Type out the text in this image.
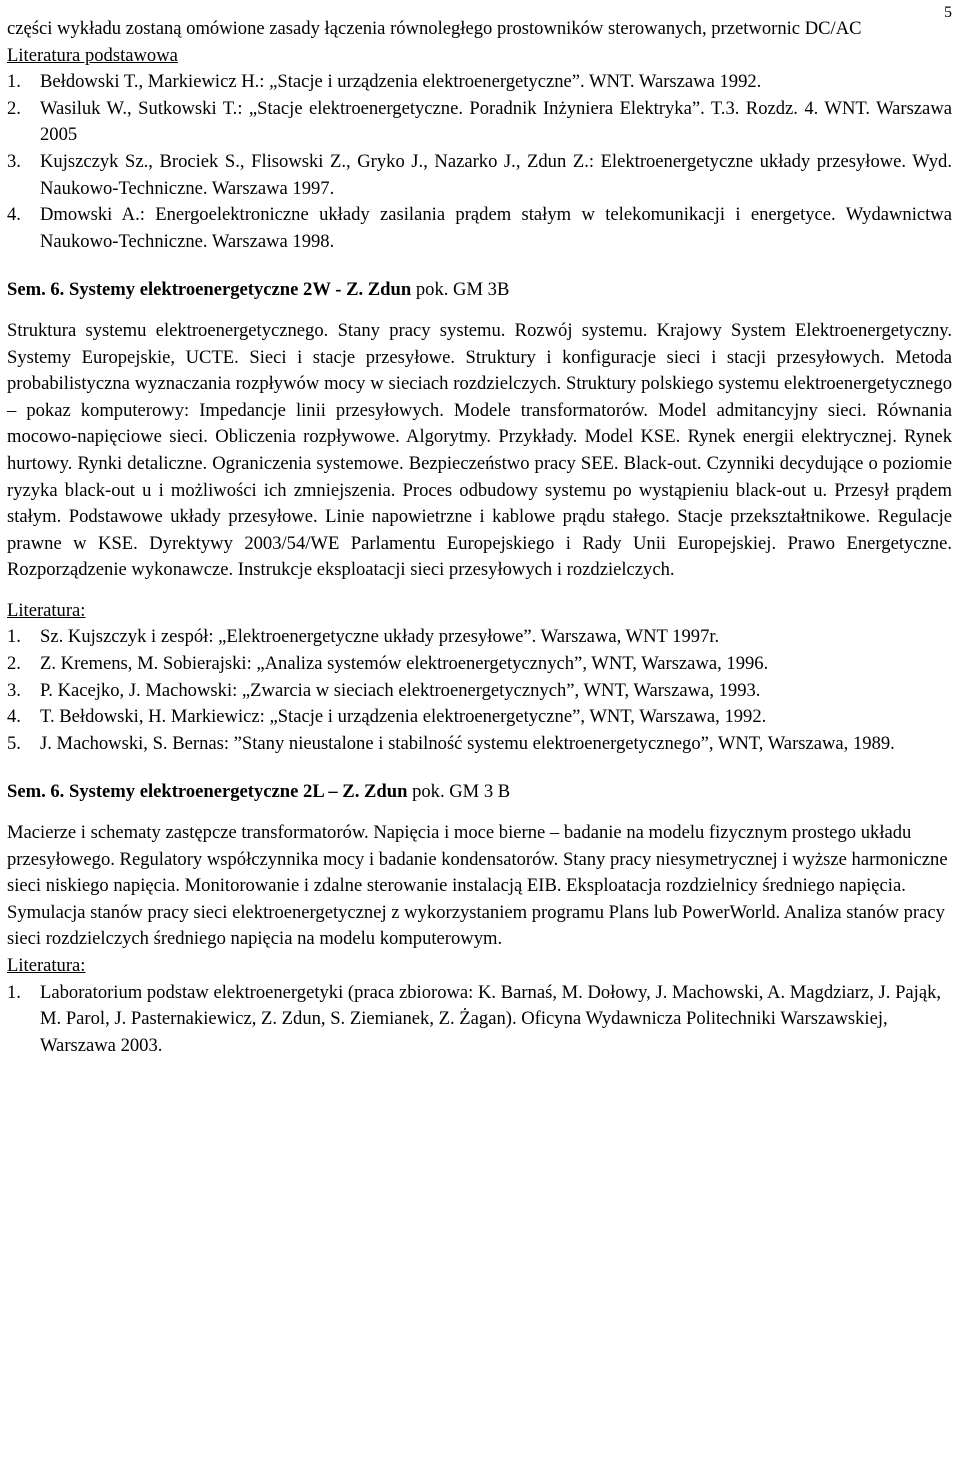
5

części wykładu zostaną omówione zasady łączenia równoległego prostowników sterowanych, przetwornic DC/AC

Literatura podstawowa

1. Bełdowski T., Markiewicz H.: „Stacje i urządzenia elektroenergetyczne”. WNT. Warszawa 1992.
2. Wasiluk W., Sutkowski T.: „Stacje elektroenergetyczne. Poradnik Inżyniera Elektryka”. T.3. Rozdz. 4. WNT. Warszawa 2005
3. Kujszczyk Sz., Brociek S., Flisowski Z., Gryko J., Nazarko J., Zdun Z.: Elektroenergetyczne układy przesyłowe. Wyd. Naukowo-Techniczne. Warszawa 1997.
4. Dmowski A.: Energoelektroniczne układy zasilania prądem stałym w telekomunikacji i energetyce. Wydawnictwa Naukowo-Techniczne. Warszawa 1998.

Sem. 6. Systemy elektroenergetyczne 2W - Z. Zdun pok. GM 3B

Struktura systemu elektroenergetycznego. Stany pracy systemu. Rozwój systemu. Krajowy System Elektroenergetyczny. Systemy Europejskie, UCTE. Sieci i stacje przesyłowe. Struktury i konfiguracje sieci i stacji przesyłowych. Metoda probabilistyczna wyznaczania rozpływów mocy w sieciach rozdzielczych. Struktury polskiego systemu elektroenergetycznego – pokaz komputerowy: Impedancje linii przesyłowych. Modele transformatorów. Model admitancyjny sieci. Równania mocowo-napięciowe sieci. Obliczenia rozpływowe. Algorytmy. Przykłady. Model KSE. Rynek energii elektrycznej. Rynek hurtowy. Rynki detaliczne. Ograniczenia systemowe. Bezpieczeństwo pracy SEE. Black-out. Czynniki decydujące o poziomie ryzyka black-out u i możliwości ich zmniejszenia. Proces odbudowy systemu po wystąpieniu black-out u. Przesył prądem stałym. Podstawowe układy przesyłowe. Linie napowietrzne i kablowe prądu stałego. Stacje przekształtnikowe. Regulacje prawne w KSE. Dyrektywy 2003/54/WE Parlamentu Europejskiego i Rady Unii Europejskiej. Prawo Energetyczne. Rozporządzenie wykonawcze. Instrukcje eksploatacji sieci przesyłowych i rozdzielczych.

Literatura:

1. Sz. Kujszczyk i zespół: „Elektroenergetyczne układy przesyłowe”. Warszawa, WNT 1997r.
2. Z. Kremens, M. Sobierajski: „Analiza systemów elektroenergetycznych”, WNT, Warszawa, 1996.
3. P. Kacejko, J. Machowski: „Zwarcia w sieciach elektroenergetycznych”, WNT, Warszawa, 1993.
4. T. Bełdowski, H. Markiewicz: „Stacje i urządzenia elektroenergetyczne”, WNT, Warszawa, 1992.
5. J. Machowski, S. Bernas: ”Stany nieustalone i stabilność systemu elektroenergetycznego”, WNT, Warszawa, 1989.

Sem. 6. Systemy elektroenergetyczne 2L – Z. Zdun pok. GM 3 B

Macierze i schematy zastępcze transformatorów. Napięcia i moce bierne – badanie na modelu fizycznym prostego układu przesyłowego. Regulatory współczynnika mocy i badanie kondensatorów. Stany pracy niesymetrycznej i wyższe harmoniczne sieci niskiego napięcia. Monitorowanie i zdalne sterowanie instalacją EIB. Eksploatacja rozdzielnicy średniego napięcia. Symulacja stanów pracy sieci elektroenergetycznej z wykorzystaniem programu Plans lub PowerWorld. Analiza stanów pracy sieci rozdzielczych średniego napięcia na modelu komputerowym.

Literatura:

1. Laboratorium podstaw elektroenergetyki (praca zbiorowa: K. Barnaś, M. Dołowy, J. Machowski, A. Magdziarz, J. Pająk, M. Parol, J. Pasternakiewicz, Z. Zdun, S. Ziemianek, Z. Żagan). Oficyna Wydawnicza Politechniki Warszawskiej, Warszawa 2003.
